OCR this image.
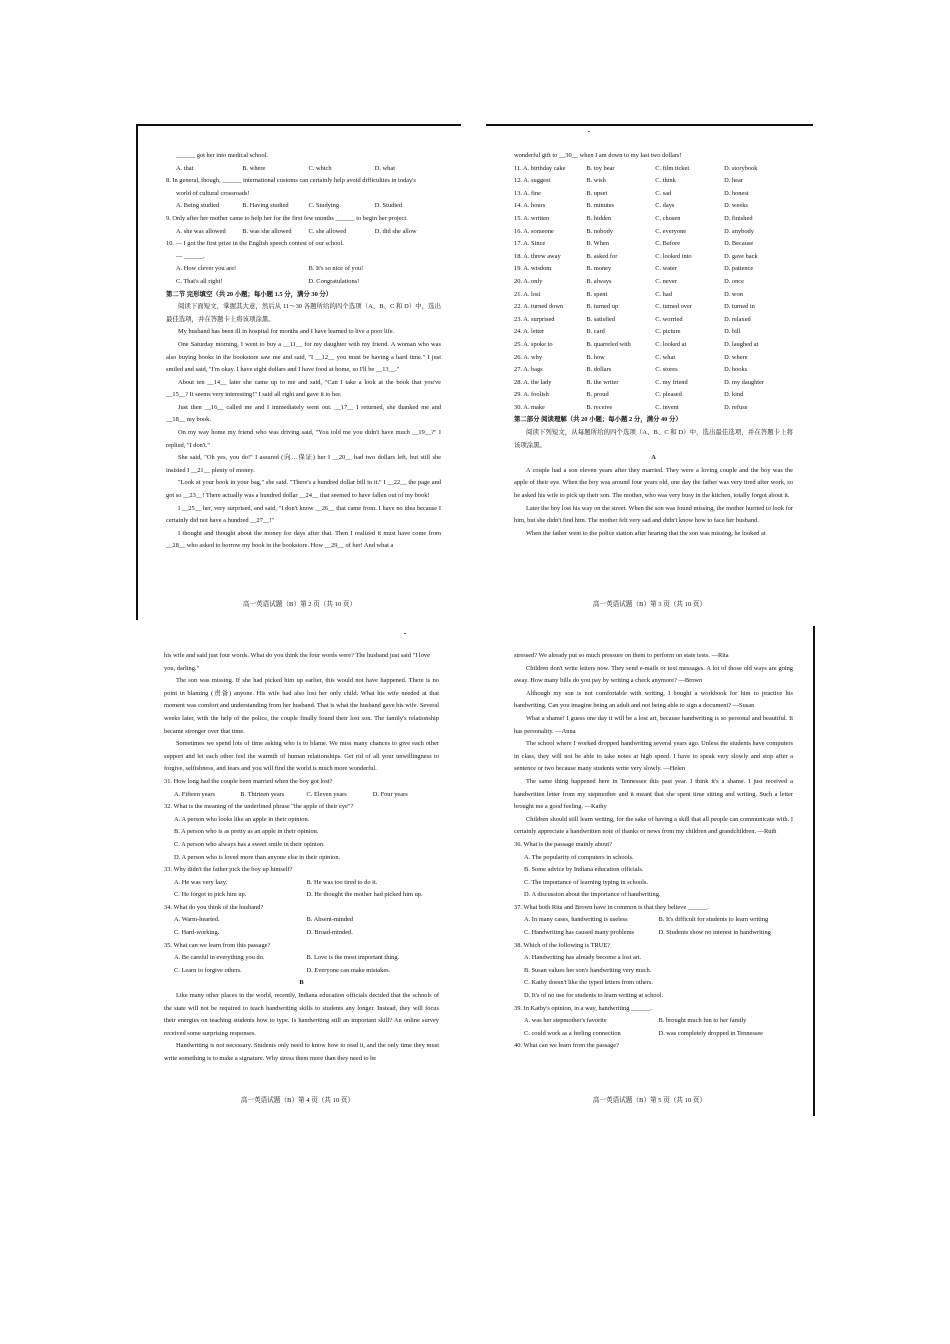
______ got her into medical school.
A. that	B. where	C. which	D. what
8. In general, though, ______ international customs can certainly help avoid difficulties in today's
world of cultural crossroads!
A. Being studied	B. Having studied	C. Studying	D. Studied
9. Only after her mother came to help her for the first few months ______ to begin her project.
A. she was allowed	B. was she allowed	C. she allowed	D. did she allow
10. — I got the first prize in the English speech contest of our school.
— ______.
A. How clever you are!	B. It's so nice of you!
C. That's all right!	D. Congratulations!
第二节 完形填空（共 20 小题；每小题 1.5 分，满分 30 分）
阅读下面短文，掌握其大意，然后从 11～30 各题所给的四个选项（A、B、C 和 D）中，选出最佳选项，并在答题卡上将该项涂黑。
My husband has been ill in hospital for months and I have learned to live a poor life.
One Saturday morning, I went to buy a __11__ for my daughter with my friend. A woman who was also buying books in the bookstore saw me and said, "I __12__ you must be having a hard time." I just smiled and said, "I'm okay. I have eight dollars and I have food at home, so I'll be __13__."
About ten __14__ later she came up to me and said, "Can I take a look at the book that you've __15__? It seems very interesting!" I said all right and gave it to her.
Just then __16__ called me and I immediately went out. __17__ I returned, she thanked me and __18__ my book.
On my way home my friend who was driving said, "You told me you didn't have much __19__?" I replied, "I don't."
She said, "Oh yes, you do!" I assured (向…保证) her I __20__ had two dollars left, but still she insisted I __21__ plenty of money.
"Look at your book in your bag," she said. "There's a hundred dollar bill in it." I __22__ the page and got so __23__! There actually was a hundred dollar __24__ that seemed to have fallen out of my book!
I __25__ her, very surprised, and said, "I don't know __26__ that came from. I have no idea because I certainly did not have a hundred __27__!"
I thought and thought about the money for days after that. Then I realized it must have come from __28__ who asked to borrow my book in the bookstore. How __29__ of her! And what a
高一英语试题（B）第 2 页（共 10 页）
wonderful gift to __30__ when I am down to my last two dollars!
11. A. birthday cake	B. toy bear	C. film ticket	D. storybook
12. A. suggest	B. wish	C. think	D. hear
13. A. fine	B. upset	C. sad	D. honest
14. A. hours	B. minutes	C. days	D. weeks
15. A. written	B. hidden	C. chosen	D. finished
16. A. someone	B. nobody	C. everyone	D. anybody
17. A. Since	B. When	C. Before	D. Because
18. A. threw away	B. asked for	C. looked into	D. gave back
19. A. wisdom	B. money	C. water	D. patience
20. A. only	B. always	C. never	D. once
21. A. lost	B. spent	C. had	D. won
22. A. turned down	B. turned up	C. turned over	D. turned in
23. A. surprised	B. satisfied	C. worried	D. relaxed
24. A. letter	B. card	C. picture	D. bill
25. A. spoke to	B. quarreled with	C. looked at	D. laughed at
26. A. why	B. how	C. what	D. where
27. A. bags	B. dollars	C. stores	D. books
28. A. the lady	B. the writer	C. my friend	D. my daughter
29. A. foolish	B. proud	C. pleased	D. kind
30. A. make	B. receive	C. invent	D. refuse
第二部分 阅读理解（共 20 小题；每小题 2 分，满分 40 分）
阅读下列短文，从每题所给的四个选项（A、B、C 和 D）中，选出最佳选项，并在答题卡上将该项涂黑。
A
A couple had a son eleven years after they married. They were a loving couple and the boy was the apple of their eye. When the boy was around four years old, one day the father was very tired after work, so he asked his wife to pick up their son. The mother, who was very busy in the kitchen, totally forgot about it.
Later the boy lost his way on the street. When the son was found missing, the mother hurried to look for him, but she didn't find him. The mother felt very sad and didn't know how to face her husband.
When the father went to the police station after hearing that the son was missing, he looked at
高一英语试题（B）第 3 页（共 10 页）
his wife and said just four words. What do you think the four words were? The husband just said "I love you, darling."
The son was missing. If she had picked him up earlier, this would not have happened. There is no point in blaming (责备) anyone. His wife had also lost her only child. What his wife needed at that moment was comfort and understanding from her husband. That is what the husband gave his wife. Several weeks later, with the help of the police, the couple finally found their lost son. The family's relationship became stronger over that time.
Sometimes we spend lots of time asking who is to blame. We miss many chances to give each other support and let each other feel the warmth of human relationships. Get rid of all your unwillingness to forgive, selfishness, and fears and you will find the world is much more wonderful.
31. How long had the couple been married when the boy got lost?
A. Fifteen years	B. Thirteen years	C. Eleven years	D. Four years
32. What is the meaning of the underlined phrase "the apple of their eye"?
A. A person who looks like an apple in their opinion.
B. A person who is as pretty as an apple in their opinion.
C. A person who always has a sweet smile in their opinion.
D. A person who is loved more than anyone else in their opinion.
33. Why didn't the father pick the boy up himself?
A. He was very lazy.	B. He was too tired to do it.
C. He forgot to pick him up.	D. He thought the mother had picked him up.
34. What do you think of the husband?
A. Warm-hearted.	B. Absent-minded
C. Hard-working.	D. Broad-minded.
35. What can we learn from this passage?
A. Be careful in everything you do.	B. Love is the most important thing.
C. Learn to forgive others.	D. Everyone can make mistakes.
B
Like many other places in the world, recently, Indiana education officials decided that the schools of the state will not be required to teach handwriting skills to students any longer. Instead, they will focus their energies on teaching students how to type. Is handwriting still an important skill? An online survey received some surprising responses.
Handwriting is not necessary. Students only need to know how to read it, and the only time they must write something is to make a signature. Why stress them more than they need to be
高一英语试题（B）第 4 页（共 10 页）
stressed? We already put so much pressure on them to perform on state tests. —Rita
Children don't write letters now. They send e-mails or text messages. A lot of those old ways are going away. How many bills do you pay by writing a check anymore? —Brown
Although my son is not comfortable with writing, I bought a workbook for him to practice his handwriting. Can you imagine being an adult and not being able to sign a document? —Susan
What a shame! I guess one day it will be a lost art, because handwriting is so personal and beautiful. It has personality. —Anna
The school where I worked dropped handwriting several years ago. Unless the students have computers in class, they will not be able to take notes at high speed. I have to speak very slowly and stop after a sentence or two because many students write very slowly. —Helen
The same thing happened here in Tennessee this past year. I think it's a shame. I just received a handwritten letter from my stepmother and it meant that she spent time sitting and writing. Such a letter brought me a good feeling. —Kathy
Children should still learn writing, for the sake of having a skill that all people can communicate with. I certainly appreciate a handwritten note of thanks or news from my children and grandchildren. —Ruth
36. What is the passage mainly about?
A. The popularity of computers in schools.
B. Some advice by Indiana education officials.
C. The importance of learning typing in schools.
D. A discussion about the importance of handwriting.
37. What both Rita and Brown have in common is that they believe ______.
A. In many cases, handwriting is useless	B. It's difficult for students to learn writing
C. Handwriting has caused many problems	D. Students show no interest in handwriting
38. Which of the following is TRUE?
A. Handwriting has already become a lost art.
B. Susan values her son's handwriting very much.
C. Kathy doesn't like the typed letters from others.
D. It's of no use for students to learn writing at school.
39. In Kathy's opinion, in a way, handwriting ______.
A. was her stepmother's favorite	B. brought much fun to her family
C. could work as a feeling connection	D. was completely dropped in Tennessee
40. What can we learn from the passage?
高一英语试题（B）第 5 页（共 10 页）
